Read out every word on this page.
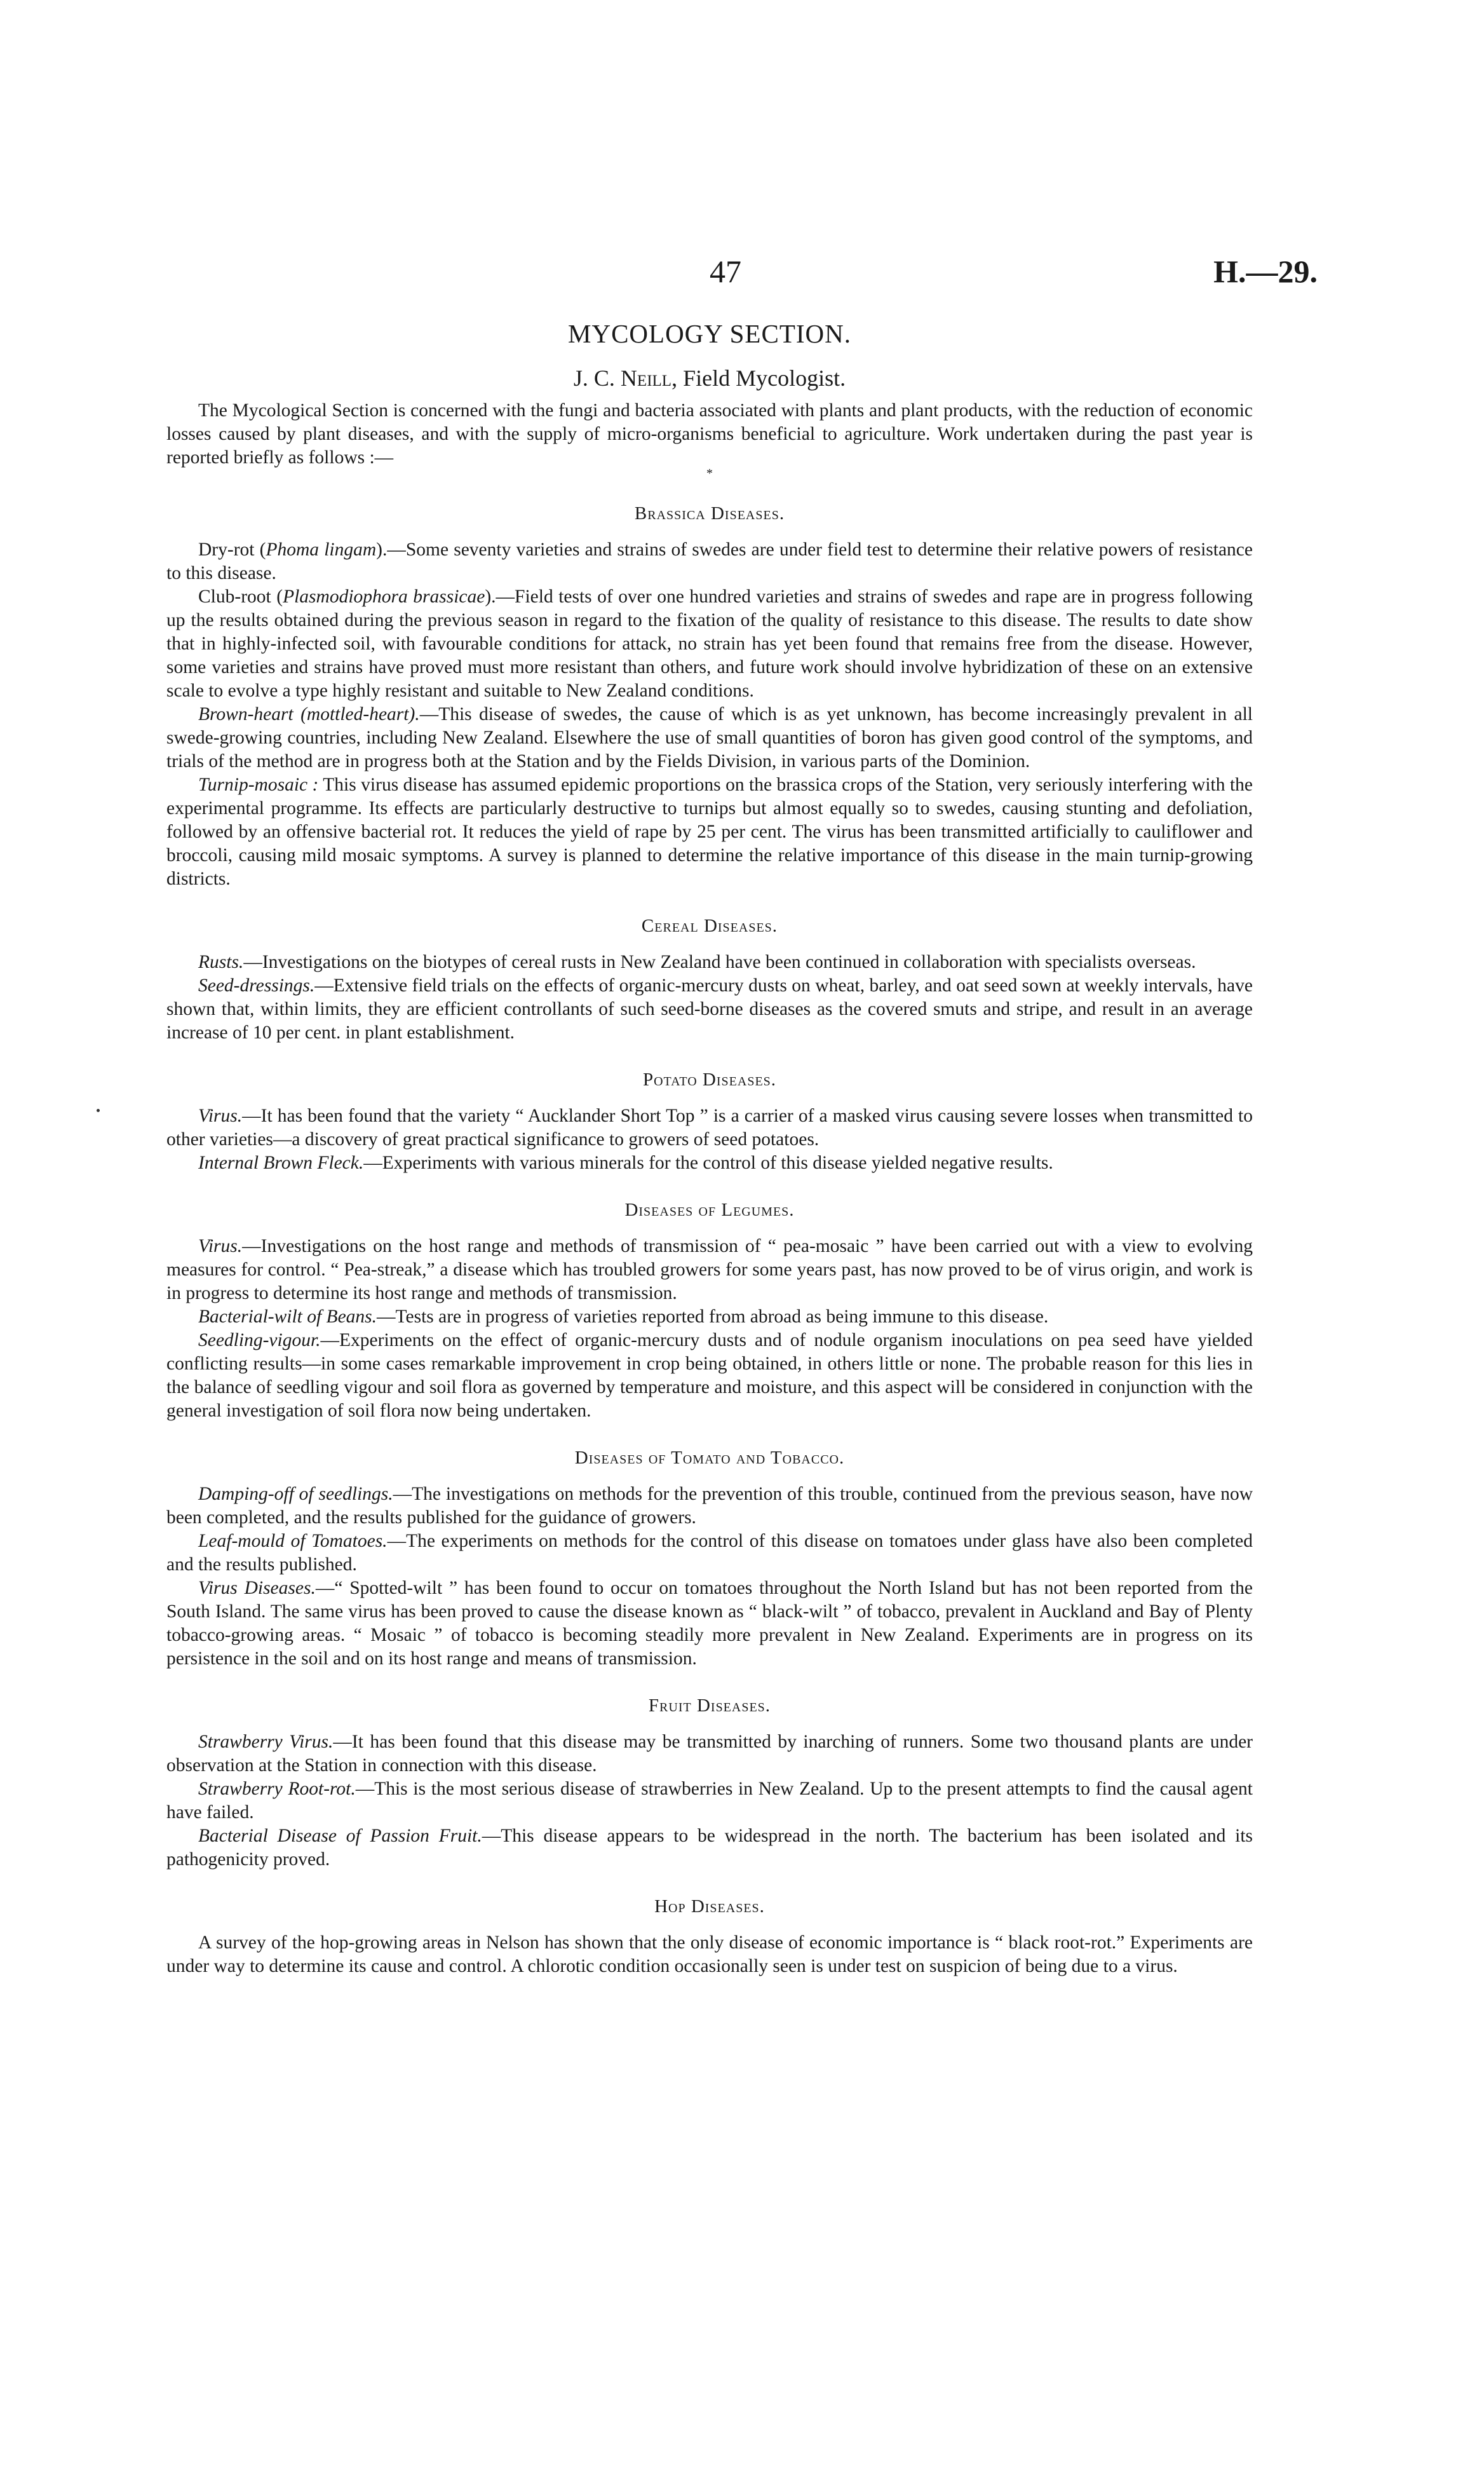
47	H.—29.
MYCOLOGY SECTION.
J. C. Neill, Field Mycologist.

The Mycological Section is concerned with the fungi and bacteria associated with plants and plant products, with the reduction of economic losses caused by plant diseases, and with the supply of micro-organisms beneficial to agriculture. Work undertaken during the past year is reported briefly as follows :—

*
Brassica Diseases.

Dry-rot (Phoma lingam).—Some seventy varieties and strains of swedes are under field test to determine their relative powers of resistance to this disease.

Club-root (Plasmodiophora brassicae).—Field tests of over one hundred varieties and strains of swedes and rape are in progress following up the results obtained during the previous season in regard to the fixation of the quality of resistance to this disease. The results to date show that in highly-infected soil, with favourable conditions for attack, no strain has yet been found that remains free from the disease. However, some varieties and strains have proved must more resistant than others, and future work should involve hybridization of these on an extensive scale to evolve a type highly resistant and suitable to New Zealand conditions.

Brown-heart (mottled-heart).—This disease of swedes, the cause of which is as yet unknown, has become increasingly prevalent in all swede-growing countries, including New Zealand. Elsewhere the use of small quantities of boron has given good control of the symptoms, and trials of the method are in progress both at the Station and by the Fields Division, in various parts of the Dominion.

Turnip-mosaic : This virus disease has assumed epidemic proportions on the brassica crops of the Station, very seriously interfering with the experimental programme. Its effects are particularly destructive to turnips but almost equally so to swedes, causing stunting and defoliation, followed by an offensive bacterial rot. It reduces the yield of rape by 25 per cent. The virus has been transmitted artificially to cauliflower and broccoli, causing mild mosaic symptoms. A survey is planned to determine the relative importance of this disease in the main turnip-growing districts.

Cereal Diseases.

Rusts.—Investigations on the biotypes of cereal rusts in New Zealand have been continued in collaboration with specialists overseas.

Seed-dressings.—Extensive field trials on the effects of organic-mercury dusts on wheat, barley, and oat seed sown at weekly intervals, have shown that, within limits, they are efficient controllants of such seed-borne diseases as the covered smuts and stripe, and result in an average increase of 10 per cent. in plant establishment.

Potato Diseases.

Virus.—It has been found that the variety “ Aucklander Short Top ” is a carrier of a masked virus causing severe losses when transmitted to other varieties—a discovery of great practical significance to growers of seed potatoes.

Internal Brown Fleck.—Experiments with various minerals for the control of this disease yielded negative results.

Diseases of Legumes.

Virus.—Investigations on the host range and methods of transmission of “ pea-mosaic ” have been carried out with a view to evolving measures for control. “ Pea-streak,” a disease which has troubled growers for some years past, has now proved to be of virus origin, and work is in progress to determine its host range and methods of transmission.

Bacterial-wilt of Beans.—Tests are in progress of varieties reported from abroad as being immune to this disease.

Seedling-vigour.—Experiments on the effect of organic-mercury dusts and of nodule organism inoculations on pea seed have yielded conflicting results—in some cases remarkable improvement in crop being obtained, in others little or none. The probable reason for this lies in the balance of seedling vigour and soil flora as governed by temperature and moisture, and this aspect will be considered in conjunction with the general investigation of soil flora now being undertaken.

Diseases of Tomato and Tobacco.

Damping-off of seedlings.—The investigations on methods for the prevention of this trouble, continued from the previous season, have now been completed, and the results published for the guidance of growers.

Leaf-mould of Tomatoes.—The experiments on methods for the control of this disease on tomatoes under glass have also been completed and the results published.

Virus Diseases.—“ Spotted-wilt ” has been found to occur on tomatoes throughout the North Island but has not been reported from the South Island. The same virus has been proved to cause the disease known as “ black-wilt ” of tobacco, prevalent in Auckland and Bay of Plenty tobacco-growing areas. “ Mosaic ” of tobacco is becoming steadily more prevalent in New Zealand. Experiments are in progress on its persistence in the soil and on its host range and means of transmission.

Fruit Diseases.

Strawberry Virus.—It has been found that this disease may be transmitted by inarching of runners. Some two thousand plants are under observation at the Station in connection with this disease.

Strawberry Root-rot.—This is the most serious disease of strawberries in New Zealand. Up to the present attempts to find the causal agent have failed.

Bacterial Disease of Passion Fruit.—This disease appears to be widespread in the north. The bacterium has been isolated and its pathogenicity proved.

Hop Diseases.

A survey of the hop-growing areas in Nelson has shown that the only disease of economic importance is “ black root-rot.” Experiments are under way to determine its cause and control. A chlorotic condition occasionally seen is under test on suspicion of being due to a virus.
